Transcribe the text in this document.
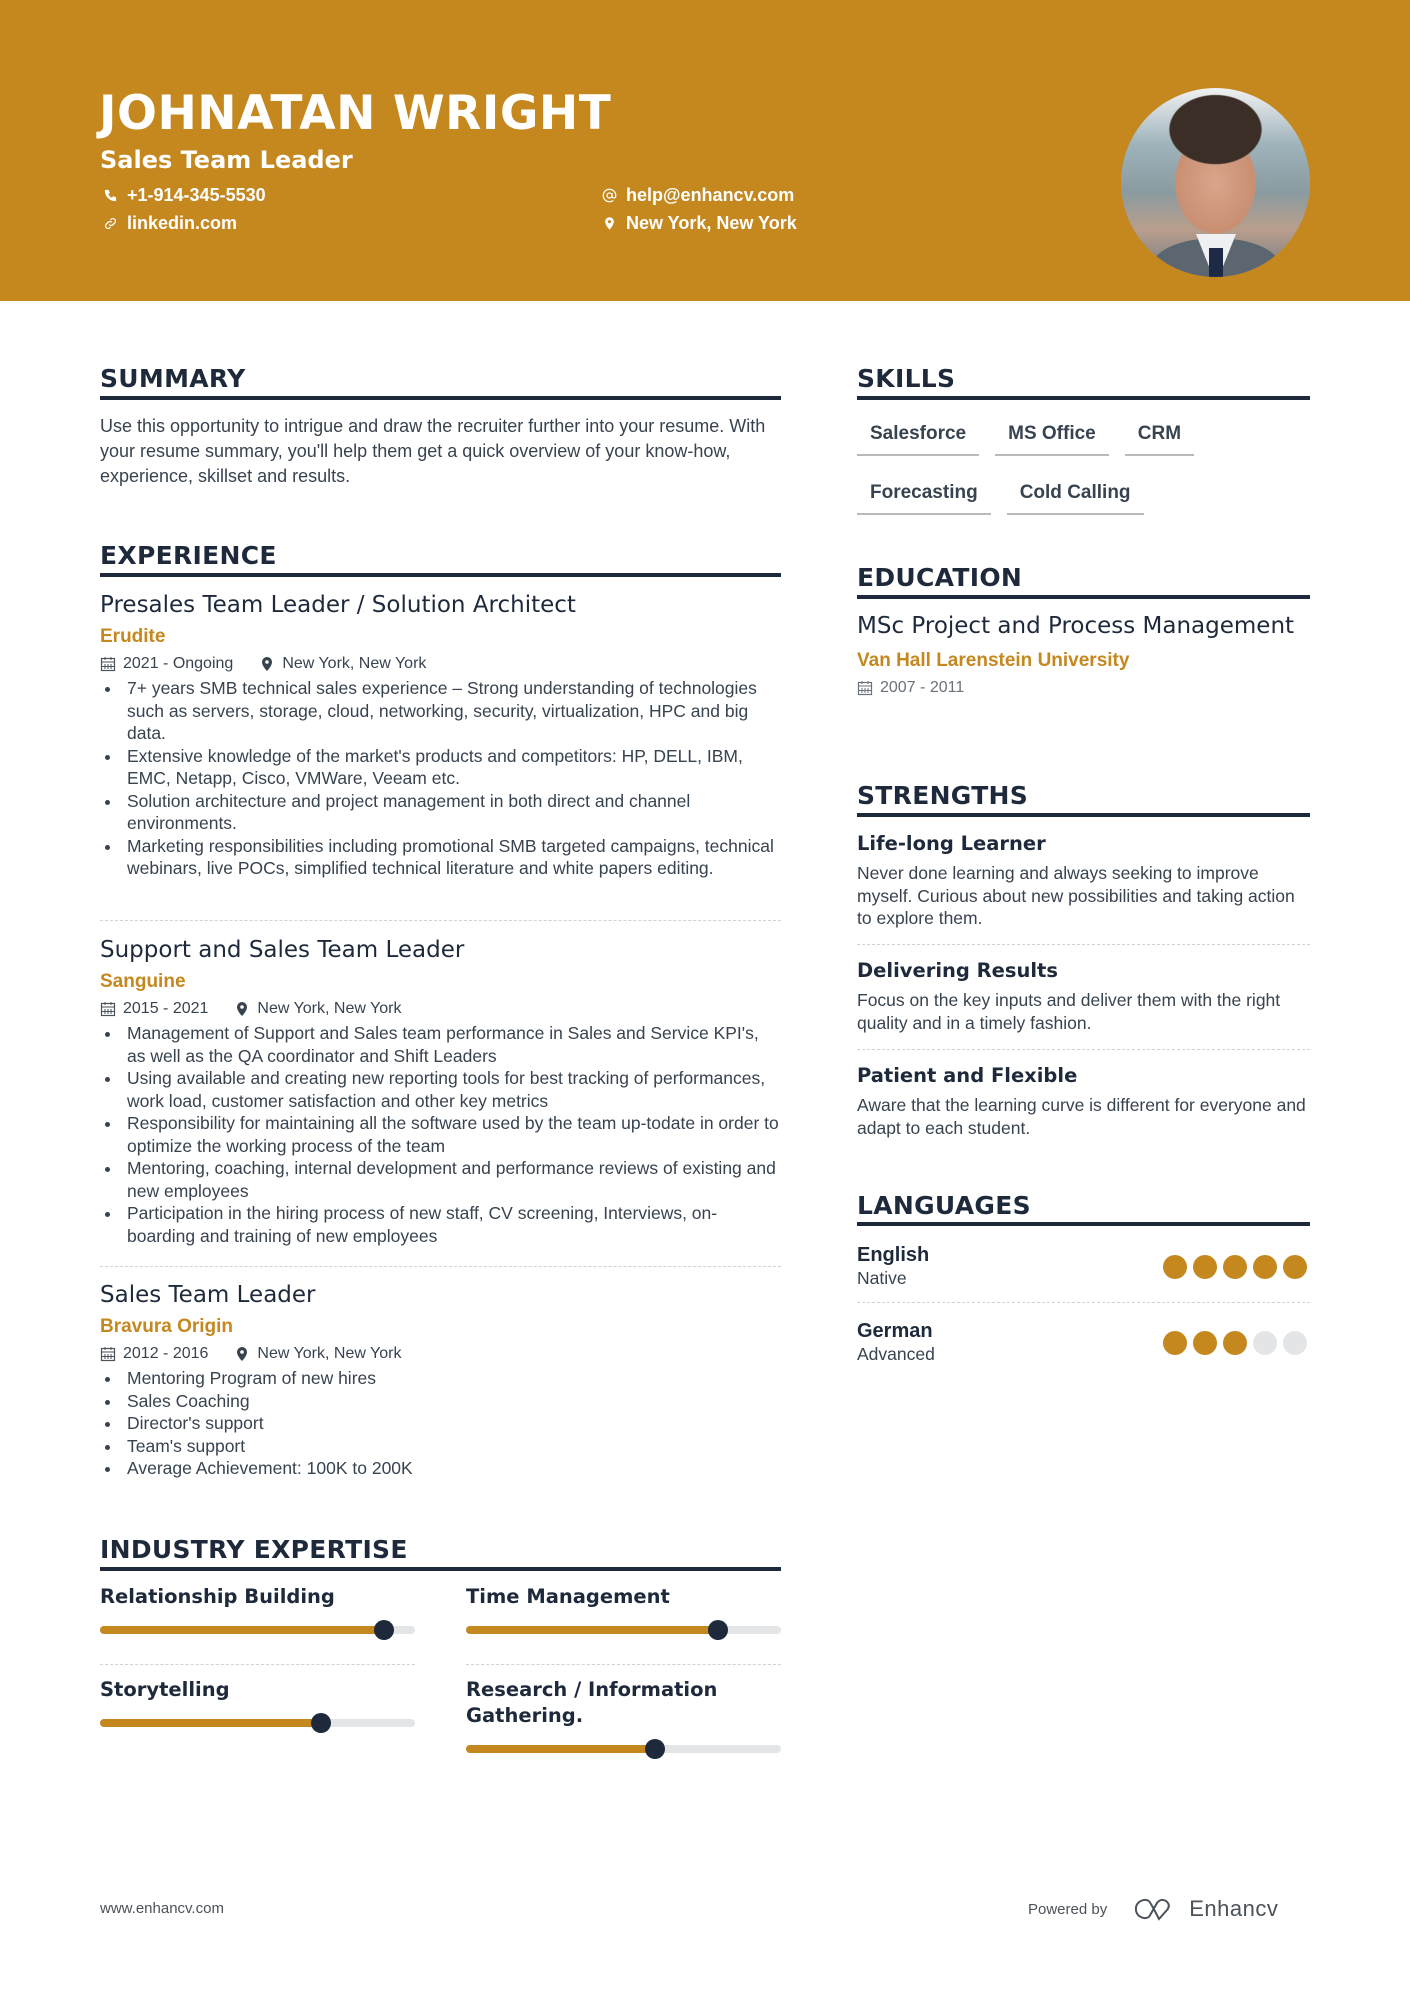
JOHNATAN WRIGHT
Sales Team Leader
+1-914-345-5530
linkedin.com
help@enhancv.com
New York, New York
SUMMARY
Use this opportunity to intrigue and draw the recruiter further into your resume. With your resume summary, you'll help them get a quick overview of your know-how, experience, skillset and results.
EXPERIENCE
Presales Team Leader / Solution Architect
Erudite
2021 - Ongoing	New York, New York
7+ years SMB technical sales experience – Strong understanding of technologies such as servers, storage, cloud, networking, security, virtualization, HPC and big data.
Extensive knowledge of the market's products and competitors: HP, DELL, IBM, EMC, Netapp, Cisco, VMWare, Veeam etc.
Solution architecture and project management in both direct and channel environments.
Marketing responsibilities including promotional SMB targeted campaigns, technical webinars, live POCs, simplified technical literature and white papers editing.
Support and Sales Team Leader
Sanguine
2015 - 2021	New York, New York
Management of Support and Sales team performance in Sales and Service KPI's, as well as the QA coordinator and Shift Leaders
Using available and creating new reporting tools for best tracking of performances, work load, customer satisfaction and other key metrics
Responsibility for maintaining all the software used by the team up-todate in order to optimize the working process of the team
Mentoring, coaching, internal development and performance reviews of existing and new employees
Participation in the hiring process of new staff, CV screening, Interviews, on-boarding and training of new employees
Sales Team Leader
Bravura Origin
2012 - 2016	New York, New York
Mentoring Program of new hires
Sales Coaching
Director's support
Team's support
Average Achievement: 100K to 200K
INDUSTRY EXPERTISE
Relationship Building	Time Management
Storytelling	Research / Information Gathering.
SKILLS
Salesforce	MS Office	CRM
Forecasting	Cold Calling
EDUCATION
MSc Project and Process Management
Van Hall Larenstein University
2007 - 2011
STRENGTHS
Life-long Learner
Never done learning and always seeking to improve myself. Curious about new possibilities and taking action to explore them.
Delivering Results
Focus on the key inputs and deliver them with the right quality and in a timely fashion.
Patient and Flexible
Aware that the learning curve is different for everyone and adapt to each student.
LANGUAGES
English
Native
German
Advanced
www.enhancv.com	Powered by	Enhancv
